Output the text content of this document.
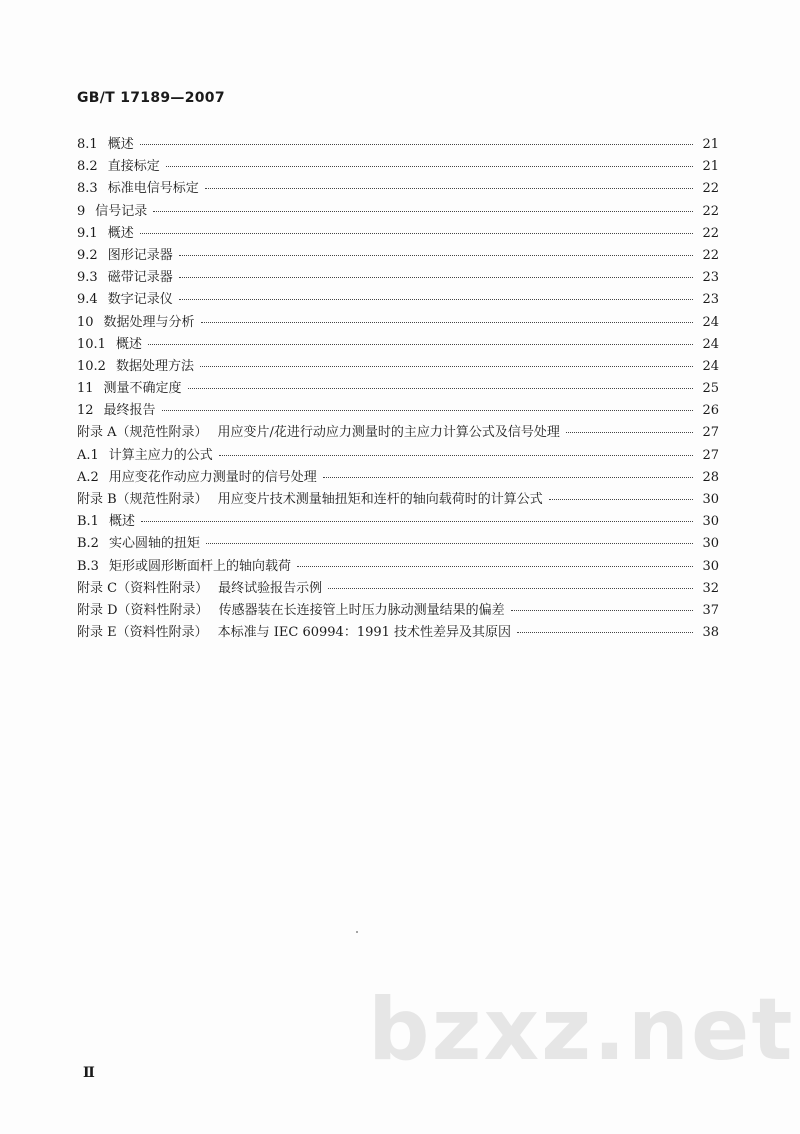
GB/T 17189—2007
8.1 概述	21
8.2 直接标定	21
8.3 标准电信号标定	22
9 信号记录	22
9.1 概述	22
9.2 图形记录器	22
9.3 磁带记录器	23
9.4 数字记录仪	23
10 数据处理与分析	24
10.1 概述	24
10.2 数据处理方法	24
11 测量不确定度	25
12 最终报告	26
附录 A（规范性附录） 用应变片/花进行动应力测量时的主应力计算公式及信号处理	27
A.1 计算主应力的公式	27
A.2 用应变花作动应力测量时的信号处理	28
附录 B（规范性附录） 用应变片技术测量轴扭矩和连杆的轴向载荷时的计算公式	30
B.1 概述	30
B.2 实心圆轴的扭矩	30
B.3 矩形或圆形断面杆上的轴向载荷	30
附录 C（资料性附录） 最终试验报告示例	32
附录 D（资料性附录） 传感器装在长连接管上时压力脉动测量结果的偏差	37
附录 E（资料性附录） 本标准与 IEC 60994：1991 技术性差异及其原因	38
bzxz.net
Ⅱ
